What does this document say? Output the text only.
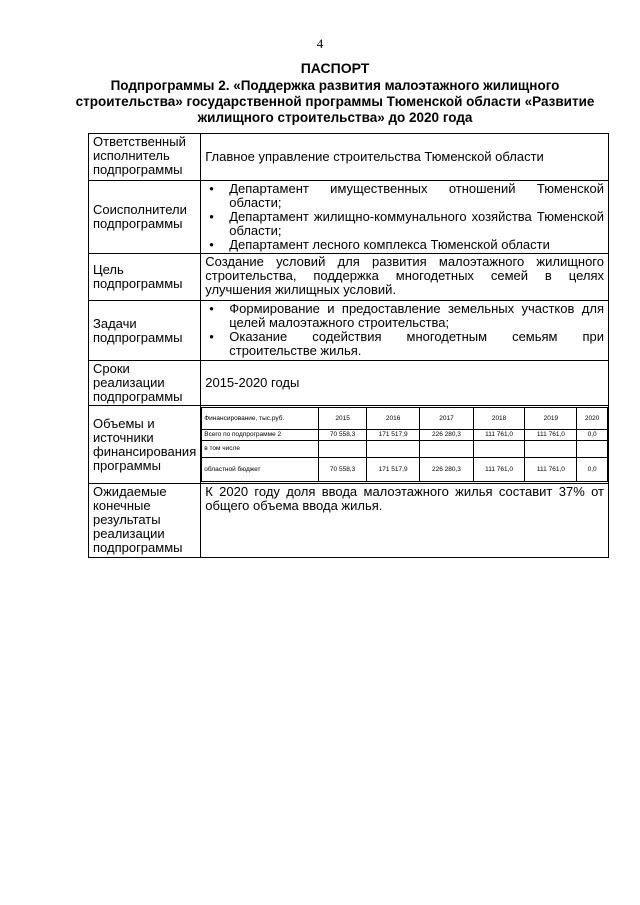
4
ПАСПОРТ
Подпрограммы 2. «Поддержка развития малоэтажного жилищного строительства» государственной программы Тюменской области «Развитие жилищного строительства» до 2020 года
Ответственный исполнитель подпрограммы	Главное управление строительства Тюменской области
Соисполнители подпрограммы	
• Департамент имущественных отношений Тюменской области;
• Департамент жилищно-коммунального хозяйства Тюменской области;
• Департамент лесного комплекса Тюменской области

Цель подпрограммы	Создание условий для развития малоэтажного жилищного строительства, поддержка многодетных семей в целях улучшения жилищных условий.
Задачи подпрограммы	
• Формирование и предоставление земельных участков для целей малоэтажного строительства;
• Оказание содействия многодетным семьям при строительстве жилья.

Сроки реализации подпрограммы	2015-2020 годы
Объемы и источники финансирования программы	
Финансирование, тыс.руб.	2015	2016	2017	2018	2019	2020
Всего по подпрограмме 2	70 558,3	171 517,9	226 280,3	111 761,0	111 761,0	0,0
в том числе						
областной бюджет	70 558,3	171 517,9	226 280,3	111 761,0	111 761,0	0,0

Ожидаемые конечные результаты реализации подпрограммы	К 2020 году доля ввода малоэтажного жилья составит 37% от общего объема ввода жилья.
